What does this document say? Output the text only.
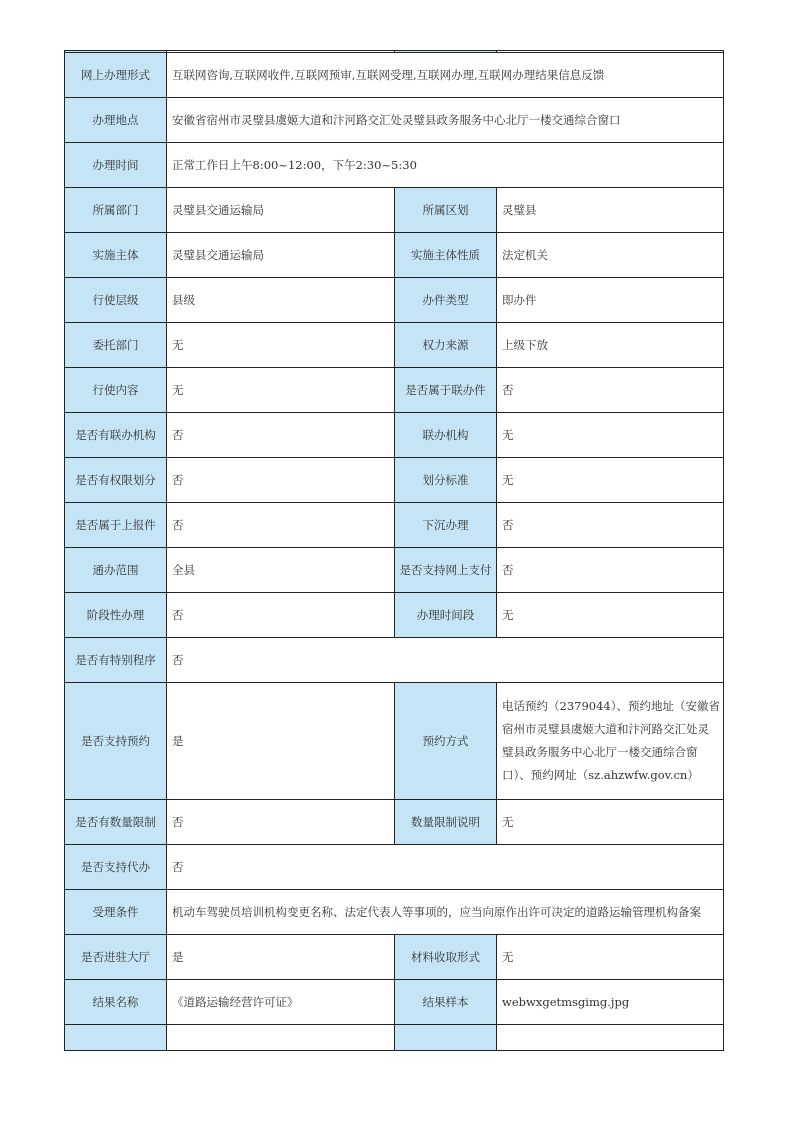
网上办理形式	互联网咨询,互联网收件,互联网预审,互联网受理,互联网办理,互联网办理结果信息反馈		
办理地点	安徽省宿州市灵璧县虞姬大道和汴河路交汇处灵璧县政务服务中心北厅一楼交通综合窗口		
办理时间	正常工作日上午8:00~12:00，下午2:30~5:30		
所属部门	灵璧县交通运输局	所属区划	灵璧县
实施主体	灵璧县交通运输局	实施主体性质	法定机关
行使层级	县级	办件类型	即办件
委托部门	无	权力来源	上级下放
行使内容	无	是否属于联办件	否
是否有联办机构	否	联办机构	无
是否有权限划分	否	划分标准	无
是否属于上报件	否	下沉办理	否
通办范围	全县	是否支持网上支付	否
阶段性办理	否	办理时间段	无
是否有特别程序	否		
是否支持预约	是	预约方式	电话预约（2379044）、预约地址（安徽省宿州市灵璧县虞姬大道和汴河路交汇处灵璧县政务服务中心北厅一楼交通综合窗口）、预约网址（sz.ahzwfw.gov.cn）
是否有数量限制	否	数量限制说明	无
是否支持代办	否		
受理条件	机动车驾驶员培训机构变更名称、法定代表人等事项的，应当向原作出许可决定的道路运输管理机构备案		
是否进驻大厅	是	材料收取形式	无
结果名称	《道路运输经营许可证》	结果样本	webwxgetmsgimg.jpg
